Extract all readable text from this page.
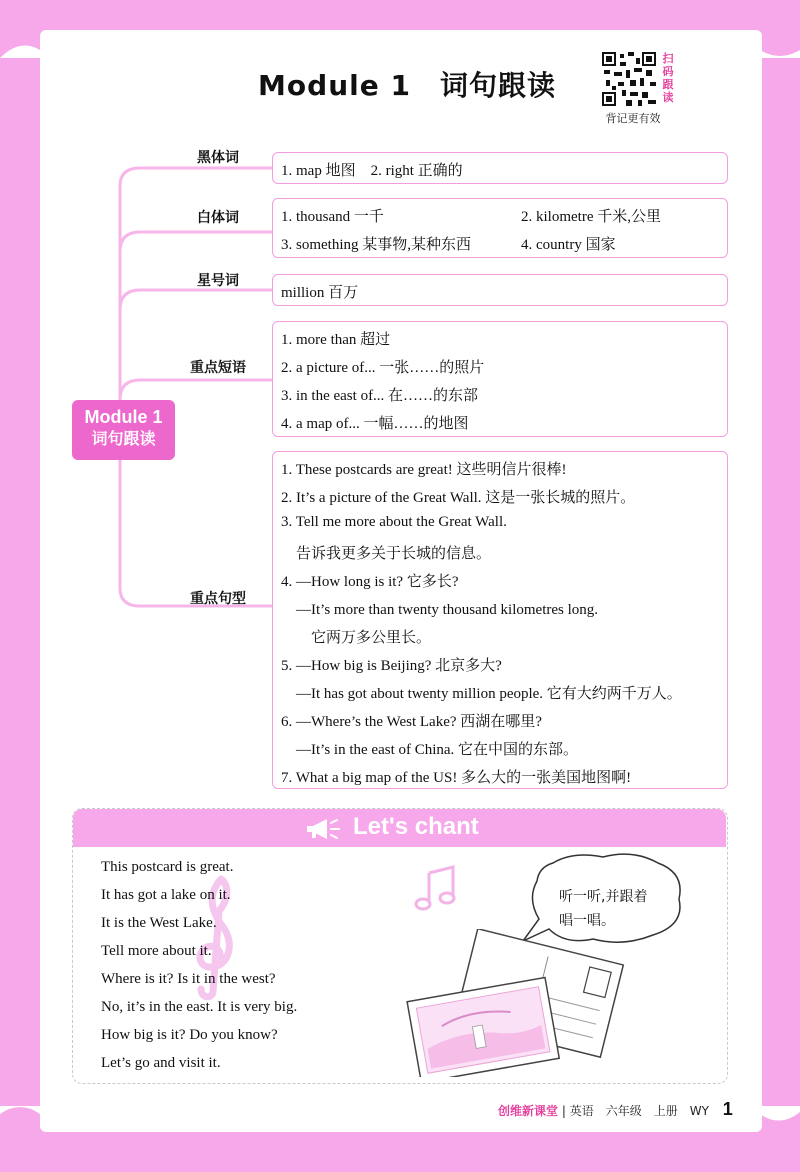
Module 1　词句跟读
扫
码
跟
读
背记更有效
黑体词
白体词
星号词
重点短语
重点句型
Module 1
词句跟读
1. map 地图　2. right 正确的
1. thousand 一千	2. kilometre 千米,公里
3. something 某事物,某种东西	4. country 国家
million 百万
1. more than 超过
2. a picture of... 一张……的照片
3. in the east of... 在……的东部
4. a map of... 一幅……的地图
1. These postcards are great! 这些明信片很棒!
2. It’s a picture of the Great Wall. 这是一张长城的照片。
3. Tell me more about the Great Wall.
　告诉我更多关于长城的信息。
4. —How long is it? 它多长?
　—It’s more than twenty thousand kilometres long.
　　它两万多公里长。
5. —How big is Beijing? 北京多大?
　—It has got about twenty million people. 它有大约两千万人。
6. —Where’s the West Lake? 西湖在哪里?
　—It’s in the east of China. 它在中国的东部。
7. What a big map of the US! 多么大的一张美国地图啊!
Let's chant
This postcard is great.
It has got a lake on it.
It is the West Lake.
Tell more about it.
Where is it? Is it in the west?
No, it’s in the east. It is very big.
How big is it? Do you know?
Let’s go and visit it.
听一听,并跟着
唱一唱。
创维新课堂 | 英语　六年级　上册　WY 1
